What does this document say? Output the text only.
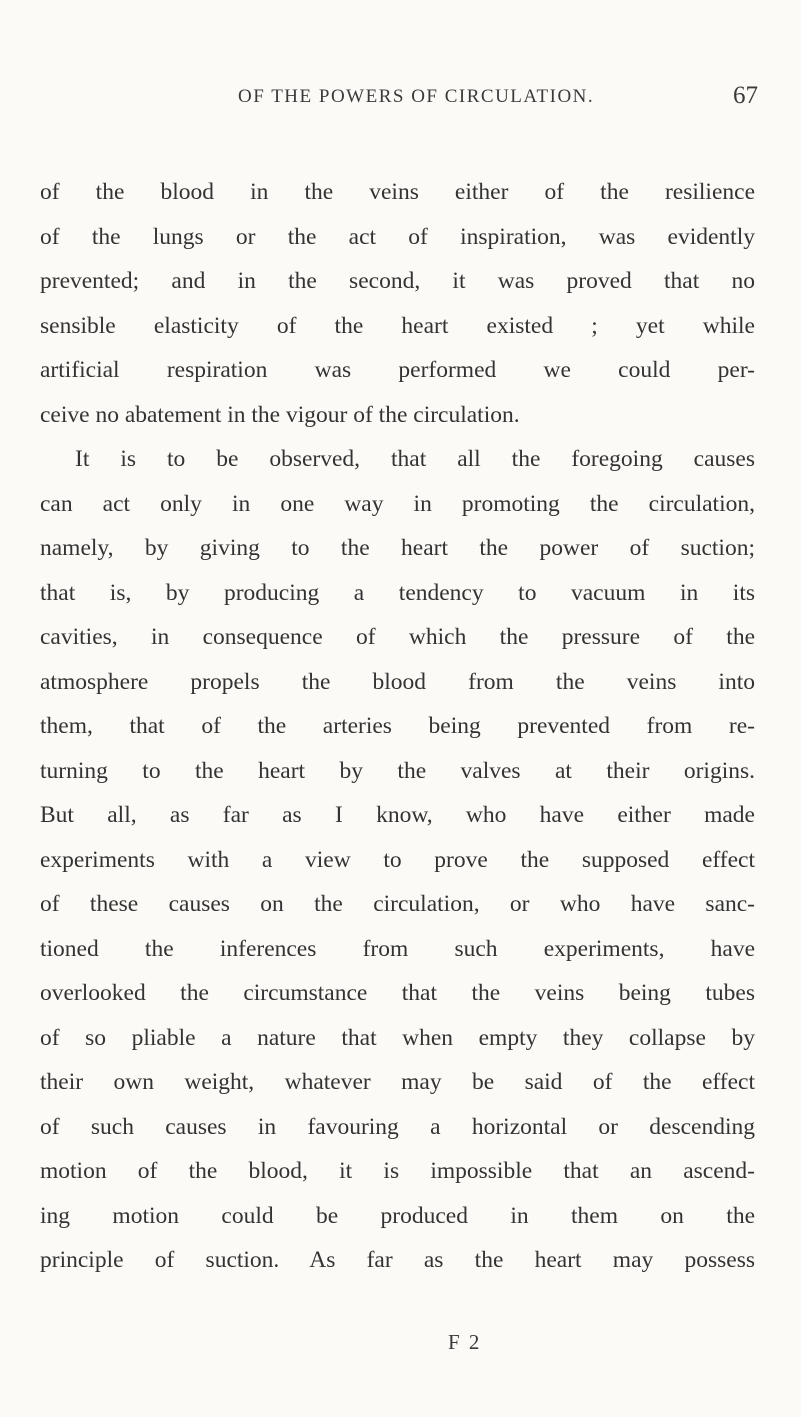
OF THE POWERS OF CIRCULATION.	67
of the blood in the veins either of the resilience
of the lungs or the act of inspiration, was evidently
prevented; and in the second, it was proved that no
sensible elasticity of the heart existed ; yet while
artificial respiration was performed we could per-
ceive no abatement in the vigour of the circulation.
It is to be observed, that all the foregoing causes
can act only in one way in promoting the circulation,
namely, by giving to the heart the power of suction;
that is, by producing a tendency to vacuum in its
cavities, in consequence of which the pressure of the
atmosphere propels the blood from the veins into
them, that of the arteries being prevented from re-
turning to the heart by the valves at their origins.
But all, as far as I know, who have either made
experiments with a view to prove the supposed effect
of these causes on the circulation, or who have sanc-
tioned the inferences from such experiments, have
overlooked the circumstance that the veins being tubes
of so pliable a nature that when empty they collapse by
their own weight, whatever may be said of the effect
of such causes in favouring a horizontal or descending
motion of the blood, it is impossible that an ascend-
ing motion could be produced in them on the
principle of suction. As far as the heart may possess
F 2
